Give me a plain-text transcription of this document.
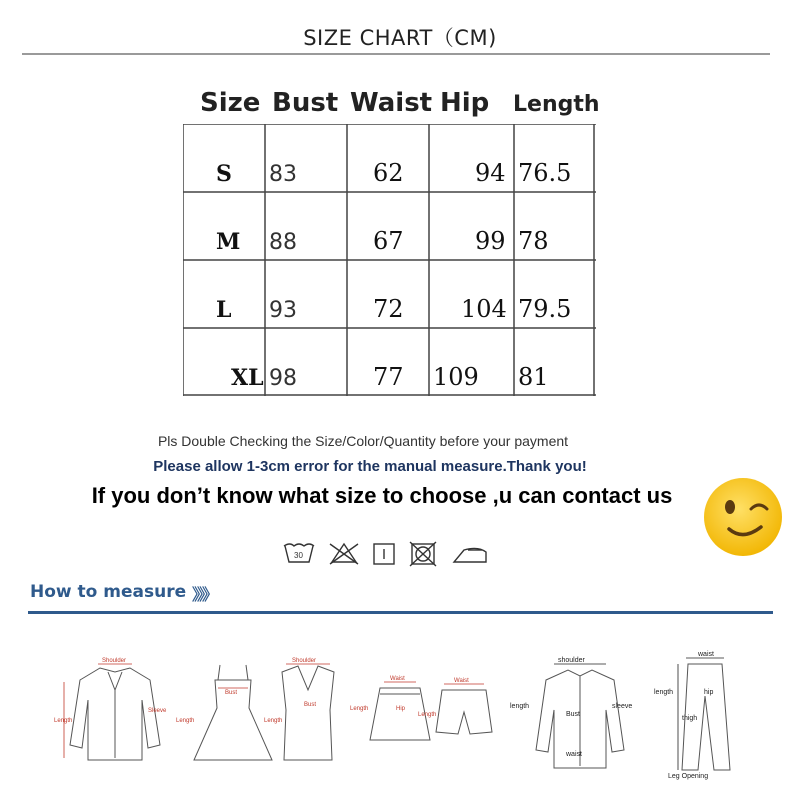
SIZE CHART（CM)
Size Bust Waist Hip Length
S 83	62	94 76.5
M 88	67	99 78
L 93	72 104 79.5
XL 98	77 109 81
Pls Double Checking the Size/Color/Quantity before your payment
Please allow 1-3cm error for the manual measure.Thank you!
If you don’t know what size to choose ,u can contact us
30
How to measure 》》》
Shoulder
Sleeve
Length
Bust
Length
Shoulder
Bust
Length
Waist
Hip
Length
Waist
Length
shoulder
sleeve
length
Bust
waist
waist
hip
thigh
length
Leg Opening
